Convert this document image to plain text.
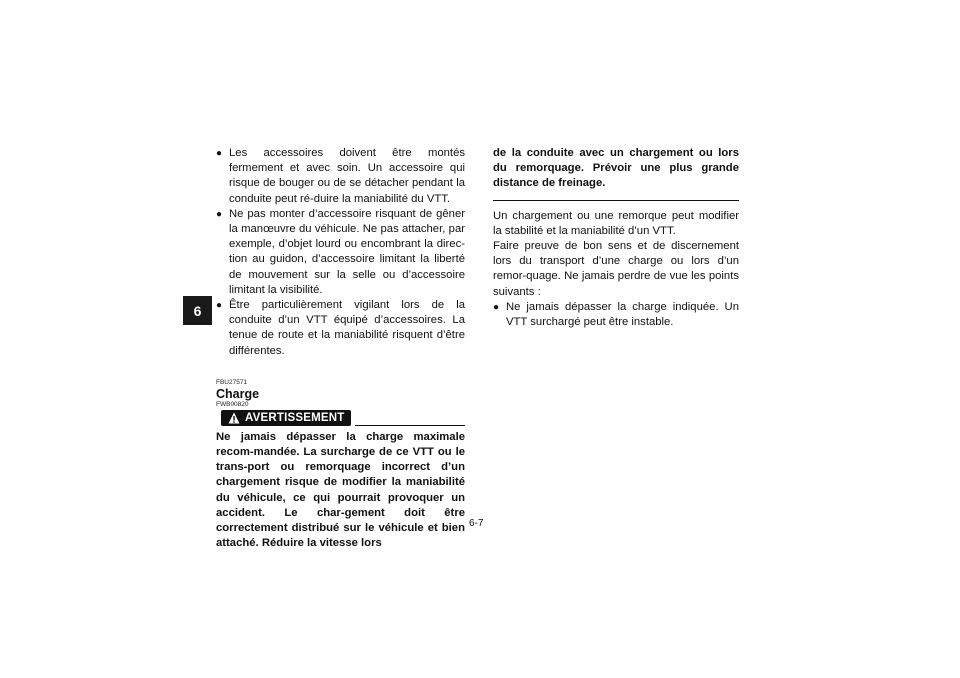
6
● Les accessoires doivent être montés fermement et avec soin. Un accessoire qui risque de bouger ou de se détacher pendant la conduite peut ré-duire la maniabilité du VTT.
● Ne pas monter d’accessoire risquant de gêner la manœuvre du véhicule. Ne pas attacher, par exemple, d’objet lourd ou encombrant la direc-tion au guidon, d’accessoire limitant la liberté de mouvement sur la selle ou d’accessoire limitant la visibilité.
● Être particulièrement vigilant lors de la conduite d’un VTT équipé d’accessoires. La tenue de route et la maniabilité risquent d’être différentes.
FBU27571
Charge
FWB00820
AVERTISSEMENT

Ne jamais dépasser la charge maximale recom-mandée. La surcharge de ce VTT ou le trans-port ou remorquage incorrect d’un chargement risque de modifier la maniabilité du véhicule, ce qui pourrait provoquer un accident. Le char-gement doit être correctement distribué sur le véhicule et bien attaché. Réduire la vitesse lors

de la conduite avec un chargement ou lors du remorquage. Prévoir une plus grande distance de freinage.

Un chargement ou une remorque peut modifier la stabilité et la maniabilité d’un VTT.

Faire preuve de bon sens et de discernement lors du transport d’une charge ou lors d’un remor-quage. Ne jamais perdre de vue les points suivants :

● Ne jamais dépasser la charge indiquée. Un VTT surchargé peut être instable.
6-7
